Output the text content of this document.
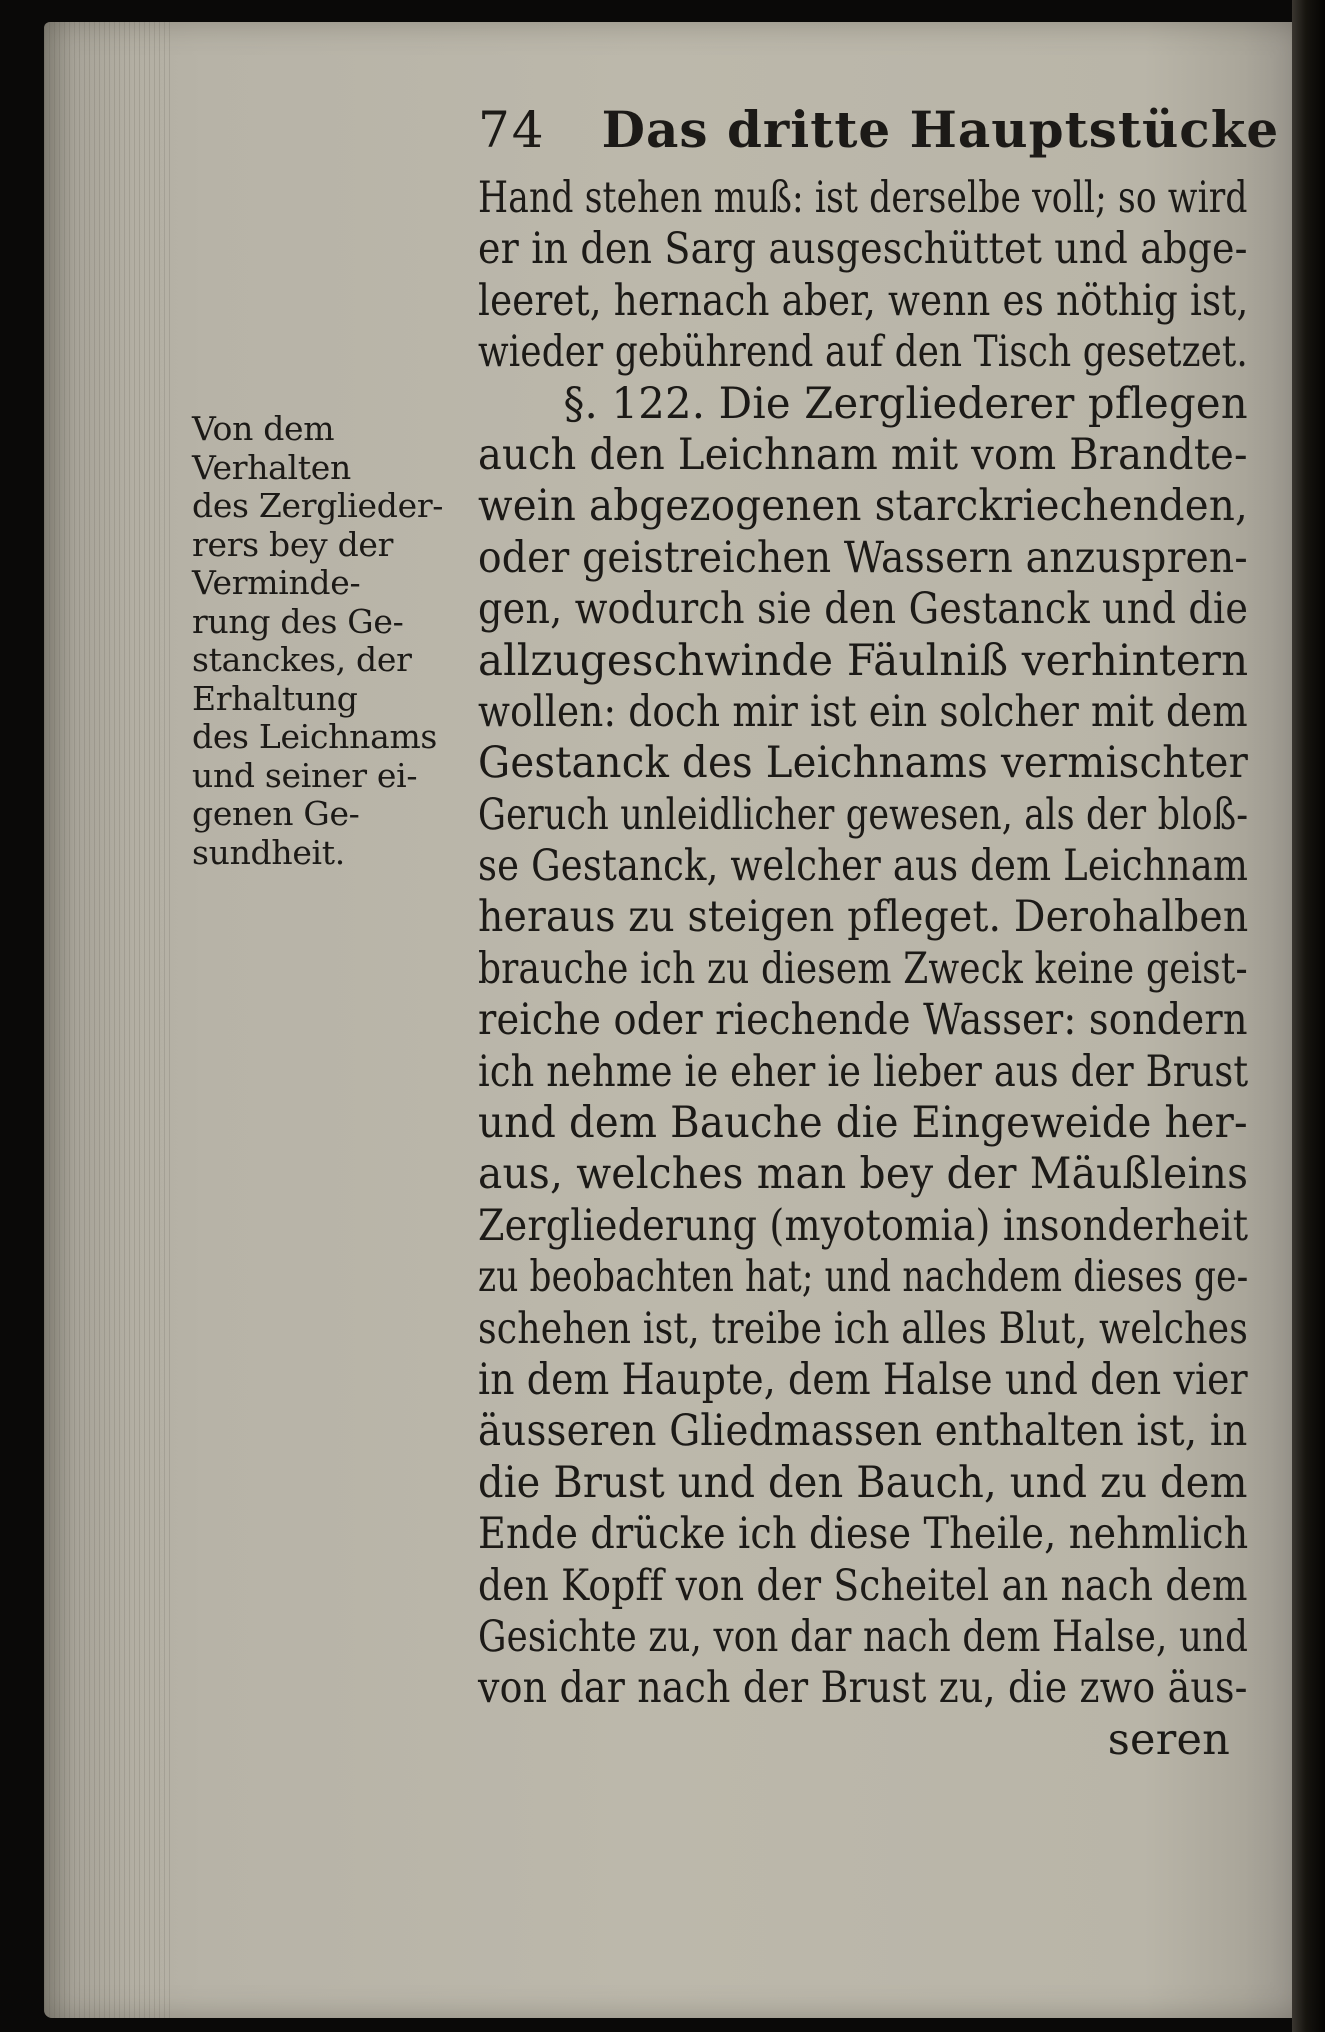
74 Das dritte Hauptstücke
Hand stehen muß: ist derselbe voll; so wird
er in den Sarg ausgeschüttet und abge-
leeret, hernach aber, wenn es nöthig ist,
wieder gebührend auf den Tisch gesetzet.
§. 122. Die Zergliederer pflegen
auch den Leichnam mit vom Brandte-
wein abgezogenen starckriechenden,
oder geistreichen Wassern anzuspren-
gen, wodurch sie den Gestanck und die
allzugeschwinde Fäulniß verhintern
wollen: doch mir ist ein solcher mit dem
Gestanck des Leichnams vermischter
Geruch unleidlicher gewesen, als der bloß-
se Gestanck, welcher aus dem Leichnam
heraus zu steigen pfleget. Derohalben
brauche ich zu diesem Zweck keine geist-
reiche oder riechende Wasser: sondern
ich nehme ie eher ie lieber aus der Brust
und dem Bauche die Eingeweide her-
aus, welches man bey der Mäußleins
Zergliederung (myotomia) insonderheit
zu beobachten hat; und nachdem dieses ge-
schehen ist, treibe ich alles Blut, welches
in dem Haupte, dem Halse und den vier
äusseren Gliedmassen enthalten ist, in
die Brust und den Bauch, und zu dem
Ende drücke ich diese Theile, nehmlich
den Kopff von der Scheitel an nach dem
Gesichte zu, von dar nach dem Halse, und
von dar nach der Brust zu, die zwo äus-
seren
Von dem
Verhalten
des Zerglieder-
rers bey der
Verminde-
rung des Ge-
stanckes, der
Erhaltung
des Leichnams
und seiner ei-
genen Ge-
sundheit.
